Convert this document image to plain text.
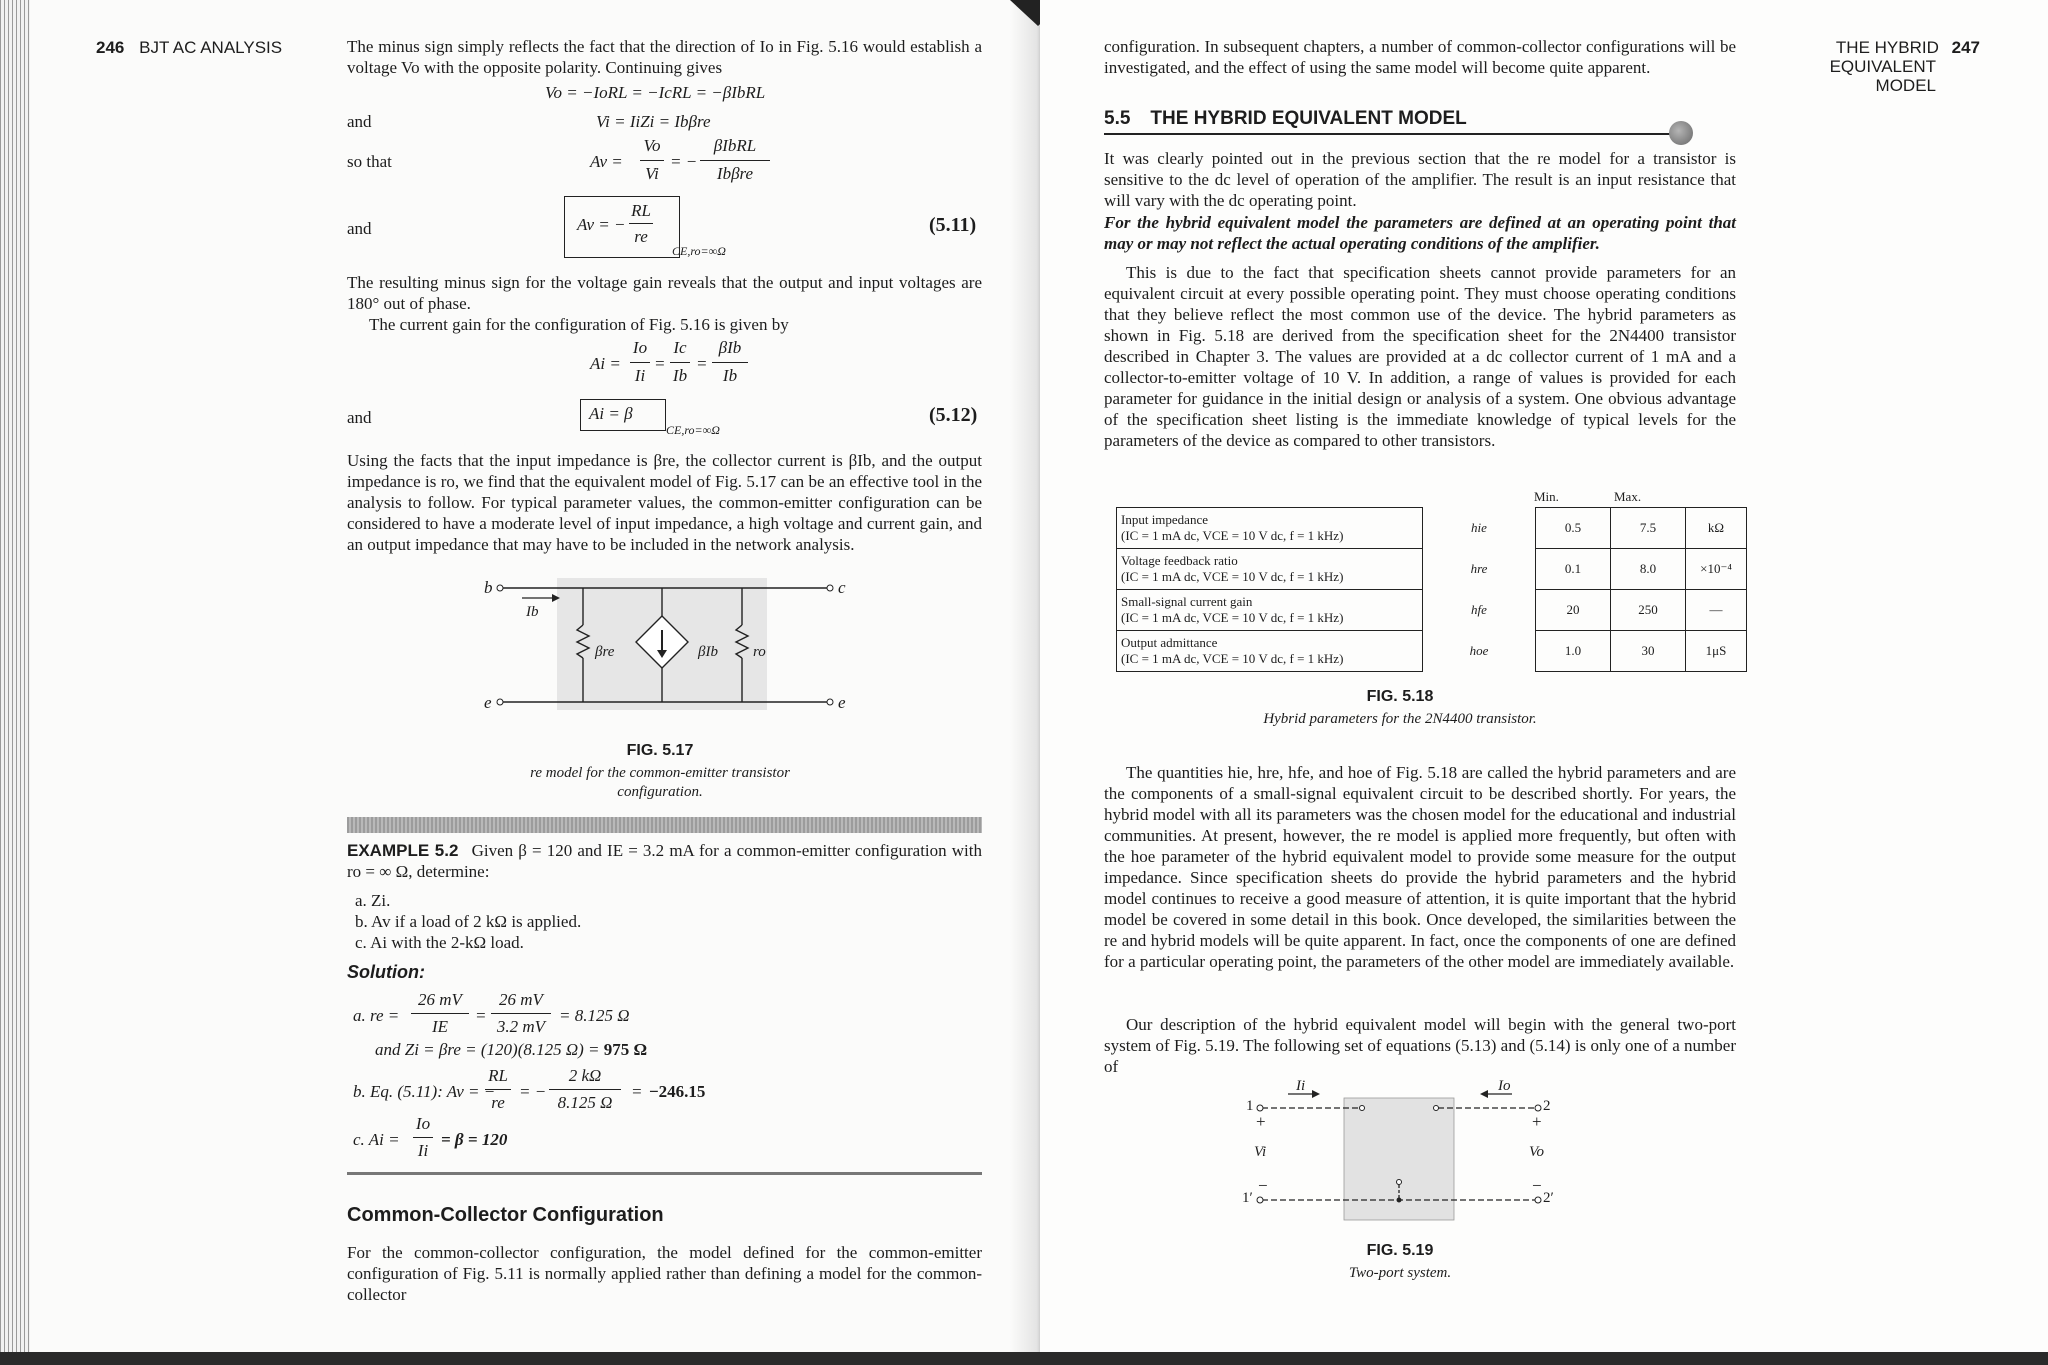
246 BJT AC ANALYSIS	The minus sign simply reflects the fact that the direction of Io in Fig. 5.16 would establish a voltage Vo with the opposite polarity. Continuing gives

Vo = −IoRL = −IcRL = −βIbRL
and	Vi = IiZi = Ibβre
so that	Av =
Vo
Vi
= −
βIbRL
Ibβre
and	Av = −
RL
re
CE,ro=∞Ω
(5.11)

The resulting minus sign for the voltage gain reveals that the output and input voltages are 180° out of phase.

The current gain for the configuration of Fig. 5.16 is given by

Ai =
Io
Ii
=
Ic
Ib
=
βIb
Ib
and	Ai = β
CE,ro=∞Ω
(5.12)

Using the facts that the input impedance is βre, the collector current is βIb, and the output impedance is ro, we find that the equivalent model of Fig. 5.17 can be an effective tool in the analysis to follow. For typical parameter values, the common-emitter configuration can be considered to have a moderate level of input impedance, a high voltage and current gain, and an output impedance that may have to be included in the network analysis.

b	c
e	e
Ib
βre	βIb ro
FIG. 5.17
re model for the common-emitter transistor configuration.

EXAMPLE 5.2 Given β = 120 and IE = 3.2 mA for a common-emitter configuration with ro = ∞ Ω, determine:

a. Zi.
b. Av if a load of 2 kΩ is applied.
c. Ai with the 2-kΩ load.
Solution:
a. re =
26 mV
IE
=
26 mV
3.2 mV
= 8.125 Ω
and Zi = βre = (120)(8.125 Ω) = 975 Ω
b. Eq. (5.11): Av = −
RL
re
= −
2 kΩ
8.125 Ω
= −246.15
c. Ai =
Io
Ii
= β = 120
Common-Collector Configuration

For the common-collector configuration, the model defined for the common-emitter configuration of Fig. 5.11 is normally applied rather than defining a model for the common-collector

THE HYBRID 247
EQUIVALENT MODEL

configuration. In subsequent chapters, a number of common-collector configurations will be investigated, and the effect of using the same model will become quite apparent.

5.5 THE HYBRID EQUIVALENT MODEL

It was clearly pointed out in the previous section that the re model for a transistor is sensitive to the dc level of operation of the amplifier. The result is an input resistance that will vary with the dc operating point.

For the hybrid equivalent model the parameters are defined at an operating point that may or may not reflect the actual operating conditions of the amplifier.

This is due to the fact that specification sheets cannot provide parameters for an equivalent circuit at every possible operating point. They must choose operating conditions that they believe reflect the most common use of the device. The hybrid parameters as shown in Fig. 5.18 are derived from the specification sheet for the 2N4400 transistor described in Chapter 3. The values are provided at a dc collector current of 1 mA and a collector-to-emitter voltage of 10 V. In addition, a range of values is provided for each parameter for guidance in the initial design or analysis of a system. One obvious advantage of the specification sheet listing is the immediate knowledge of typical levels for the parameters of the device as compared to other transistors.

Min.	Max.
Input impedance
(IC = 1 mA dc, VCE = 10 V dc, f = 1 kHz)	hie	0.5	7.5	kΩ

Voltage feedback ratio
(IC = 1 mA dc, VCE = 10 V dc, f = 1 kHz)	hre	0.1	8.0	×10⁻⁴

Small-signal current gain
(IC = 1 mA dc, VCE = 10 V dc, f = 1 kHz)	hfe	20	250	—

Output admittance
(IC = 1 mA dc, VCE = 10 V dc, f = 1 kHz)	hoe	1.0	30	1μS
FIG. 5.18
Hybrid parameters for the 2N4400 transistor.

The quantities hie, hre, hfe, and hoe of Fig. 5.18 are called the hybrid parameters and are the components of a small-signal equivalent circuit to be described shortly. For years, the hybrid model with all its parameters was the chosen model for the educational and industrial communities. At present, however, the re model is applied more frequently, but often with the hoe parameter of the hybrid equivalent model to provide some measure for the output impedance. Since specification sheets do provide the hybrid parameters and the hybrid model continues to receive a good measure of attention, it is quite important that the hybrid model be covered in some detail in this book. Once developed, the similarities between the re and hybrid models will be quite apparent. In fact, once the components of one are defined for a particular operating point, the parameters of the other model are immediately available.

Our description of the hybrid equivalent model will begin with the general two-port system of Fig. 5.19. The following set of equations (5.13) and (5.14) is only one of a number of

Ii	Io
1
1′
2
2′
+
−
+
−
Vi	Vo
FIG. 5.19
Two-port system.
